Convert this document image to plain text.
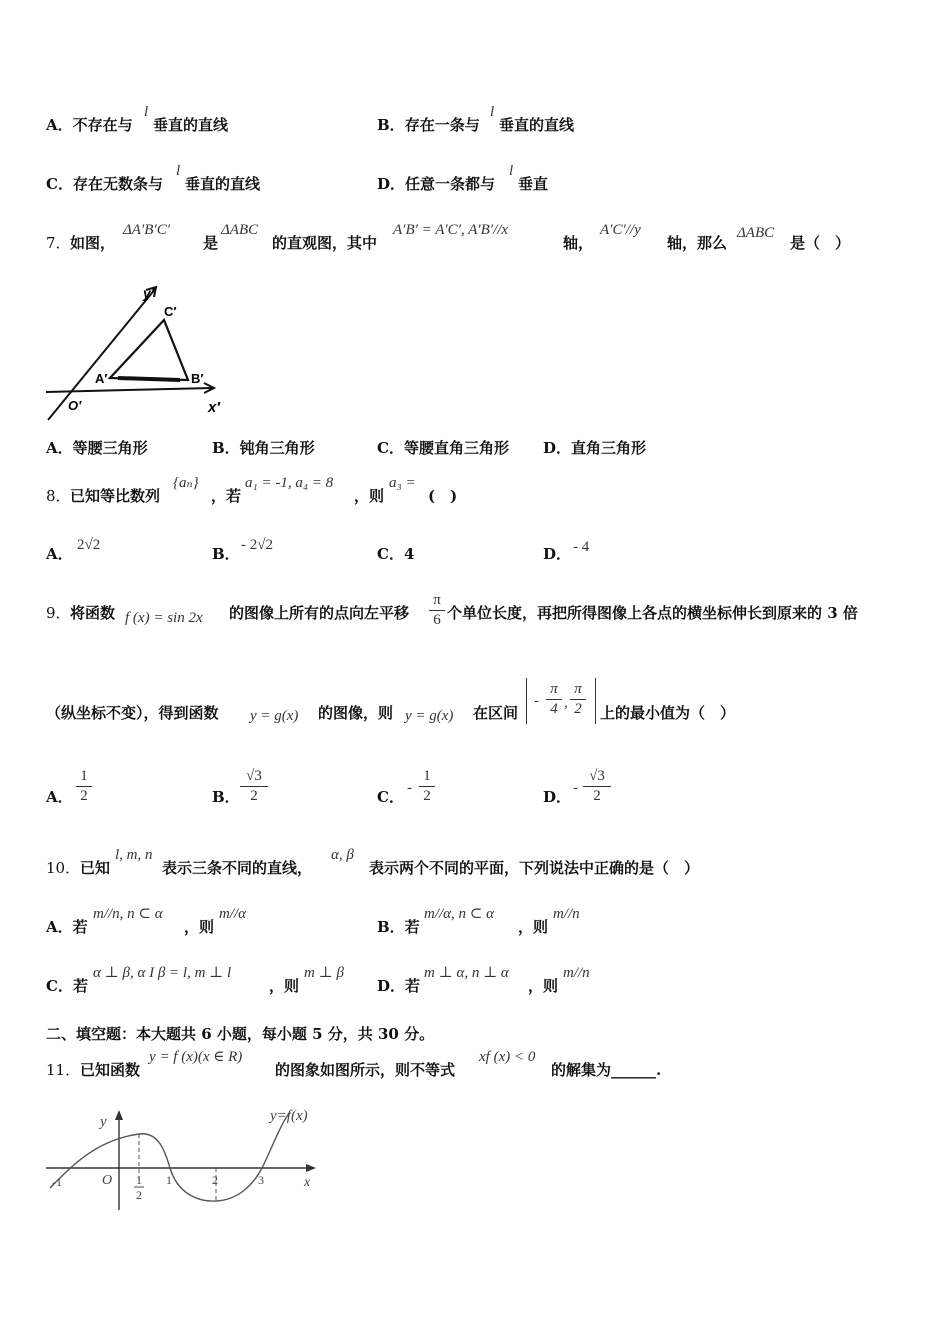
A．不存在与
l
垂直的直线	B．存在一条与
l
垂直的直线
C．存在无数条与
l
垂直的直线	D．任意一条都与
l
垂直
7． 如图，
ΔA′B′C′
是
ΔABC
的直观图，其中
A′B′ = A′C′, A′B′//x
轴，
A′C′//y
轴，那么
ΔABC
是（　）
y′
C′
A′	B′
O′	x′
A．等腰三角形	B．钝角三角形	C．等腰直角三角形 D．直角三角形
8． 已知等比数列
{aₙ}
，若
a₁ = -1, a₄ = 8
，则
a₃ =
(　)
A． 2√2	B． - 2√2	C．4	D． - 4
9． 将函数 f (x) = sin 2x 的图像上所有的点向左平移
π
6 个单位长度，再把所得图像上各点的横坐标伸长到原来的 3 倍
（纵坐标不变），得到函数 y = g(x) 的图像，则 y = g(x) 在区间
-
π
4 ,
π
2 上的最小值为（　）
A．
1
2	B．
√3
2	C． -
1
2	D． -
√3
2
10． 已知
l, m, n
表示三条不同的直线，
α, β
表示两个不同的平面，下列说法中正确的是（　）
A．若
m//n, n ⊂ α
，则
m//α
B．若
m//α, n ⊂ α
，则
m//n
C．若
α ⊥ β, α I β = l, m ⊥ l
，则
m ⊥ β
D．若
m ⊥ α, n ⊥ α
，则
m//n
二、填空题：本大题共 6 小题，每小题 5 分，共 30 分。
11． 已知函数
y = f (x)(x ∈ R)
的图象如图所示，则不等式
xf (x) < 0
的解集为______.
y	y=f(x)
-1	O 1
2
1	2	3	x
